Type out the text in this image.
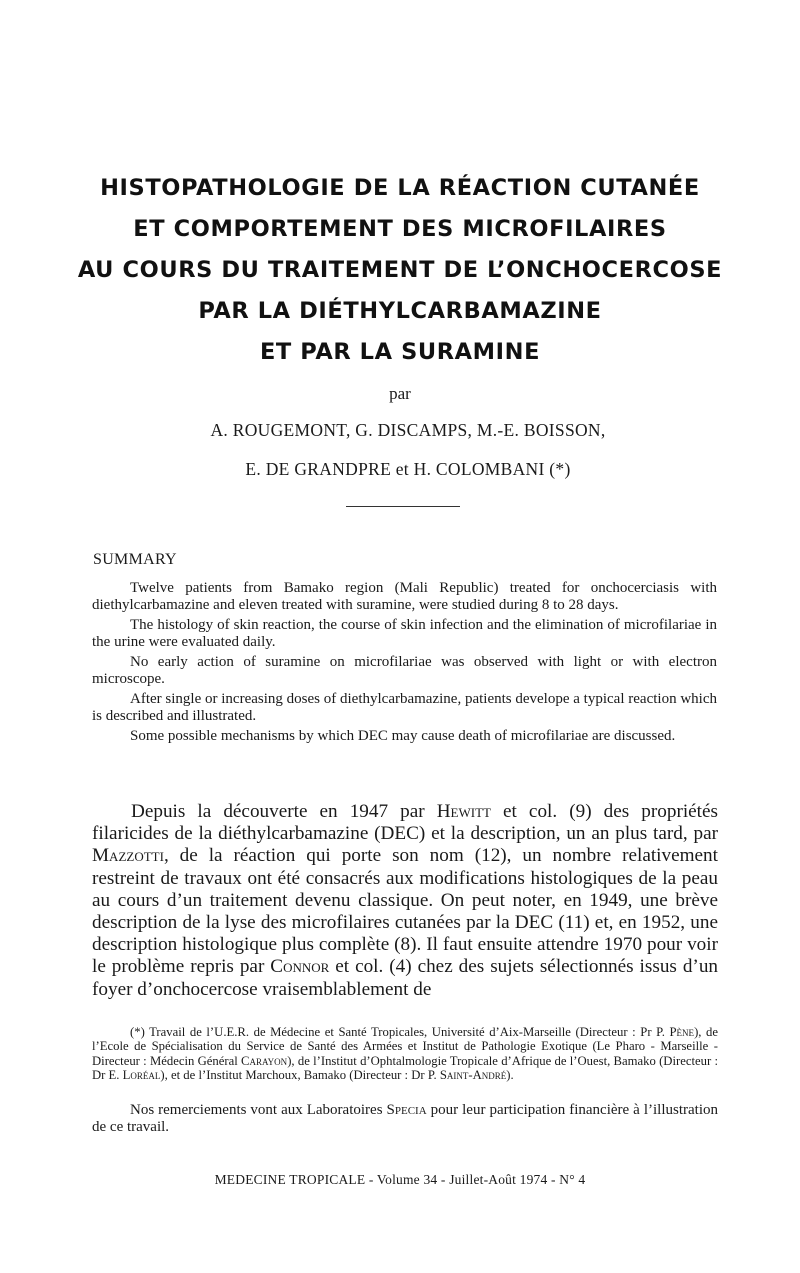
HISTOPATHOLOGIE DE LA RÉACTION CUTANÉE
ET COMPORTEMENT DES MICROFILAIRES
AU COURS DU TRAITEMENT DE L’ONCHOCERCOSE
PAR LA DIÉTHYLCARBAMAZINE
ET PAR LA SURAMINE
par
A. ROUGEMONT, G. DISCAMPS, M.-E. BOISSON,
E. DE GRANDPRE et H. COLOMBANI (*)
SUMMARY

Twelve patients from Bamako region (Mali Republic) treated for onchocerciasis with diethylcarbamazine and eleven treated with suramine, were studied during 8 to 28 days.

The histology of skin reaction, the course of skin infection and the elimination of microfilariae in the urine were evaluated daily.

No early action of suramine on microfilariae was observed with light or with electron microscope.

After single or increasing doses of diethylcarbamazine, patients develope a typical reaction which is described and illustrated.

Some possible mechanisms by which DEC may cause death of microfilariae are discussed.

Depuis la découverte en 1947 par Hewitt et col. (9) des propriétés filaricides de la diéthylcarbamazine (DEC) et la description, un an plus tard, par Mazzotti, de la réaction qui porte son nom (12), un nombre relativement restreint de travaux ont été consacrés aux modifications histologiques de la peau au cours d’un traitement devenu classique. On peut noter, en 1949, une brève description de la lyse des microfilaires cutanées par la DEC (11) et, en 1952, une description histologique plus complète (8). Il faut ensuite attendre 1970 pour voir le problème repris par Connor et col. (4) chez des sujets sélectionnés issus d’un foyer d’onchocercose vraisemblablement de

(*) Travail de l’U.E.R. de Médecine et Santé Tropicales, Université d’Aix-Marseille (Directeur : Pr P. Pène), de l’Ecole de Spécialisation du Service de Santé des Armées et Institut de Pathologie Exotique (Le Pharo - Marseille - Directeur : Médecin Général Carayon), de l’Institut d’Ophtalmologie Tropicale d’Afrique de l’Ouest, Bamako (Directeur : Dr E. Loréal), et de l’Institut Marchoux, Bamako (Directeur : Dr P. Saint-André).

Nos remerciements vont aux Laboratoires Specia pour leur participation financière à l’illustration de ce travail.

MEDECINE TROPICALE - Volume 34 - Juillet-Août 1974 - N° 4
